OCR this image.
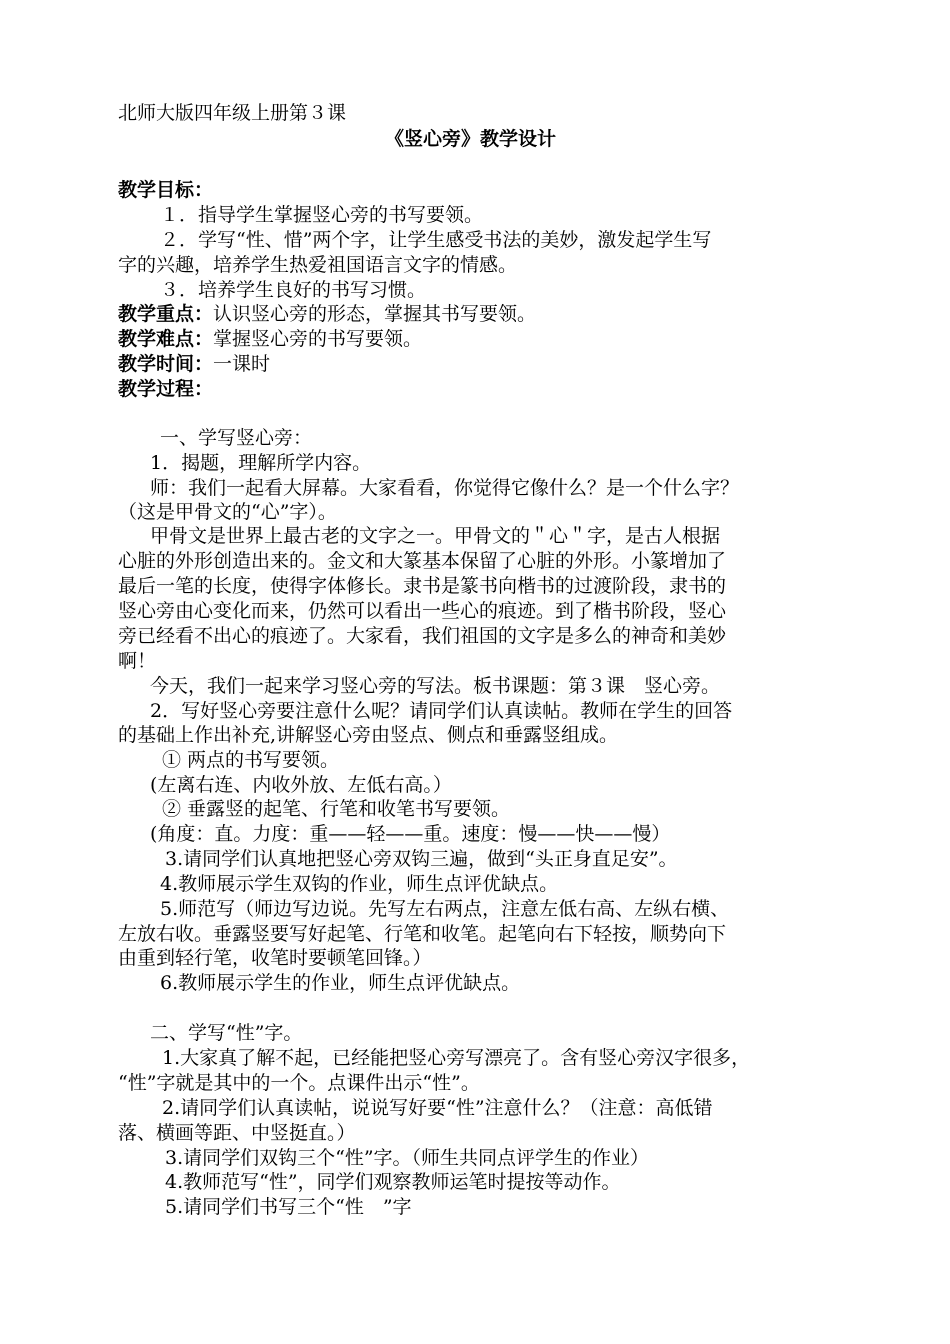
北师大版四年级上册第３课
《竖心旁》教学设计
教学目标：
１．指导学生掌握竖心旁的书写要领。
２．学写“性、惜”两个字，让学生感受书法的美妙，激发起学生写
字的兴趣，培养学生热爱祖国语言文字的情感。
３．培养学生良好的书写习惯。
教学重点：认识竖心旁的形态，掌握其书写要领。
教学难点：掌握竖心旁的书写要领。
教学时间：一课时
教学过程：
一、学写竖心旁：
1．揭题，理解所学内容。
师：我们一起看大屏幕。大家看看，你觉得它像什么？是一个什么字？
（这是甲骨文的“心”字）。
甲骨文是世界上最古老的文字之一。甲骨文的＂心＂字，是古人根据
心脏的外形创造出来的。金文和大篆基本保留了心脏的外形。小篆增加了
最后一笔的长度，使得字体修长。隶书是篆书向楷书的过渡阶段，隶书的
竖心旁由心变化而来，仍然可以看出一些心的痕迹。到了楷书阶段，竖心
旁已经看不出心的痕迹了。大家看，我们祖国的文字是多么的神奇和美妙
啊！
今天，我们一起来学习竖心旁的写法。板书课题：第３课　竖心旁。
2．写好竖心旁要注意什么呢？请同学们认真读帖。教师在学生的回答
的基础上作出补充,讲解竖心旁由竖点、侧点和垂露竖组成。
① 两点的书写要领。
(左离右连、内收外放、左低右高。）
② 垂露竖的起笔、行笔和收笔书写要领。
(角度：直。力度：重——轻——重。速度：慢——快——慢）
3.请同学们认真地把竖心旁双钩三遍，做到“头正身直足安”。
4.教师展示学生双钩的作业，师生点评优缺点。
5.师范写（师边写边说。先写左右两点，注意左低右高、左纵右横、
左放右收。垂露竖要写好起笔、行笔和收笔。起笔向右下轻按，顺势向下
由重到轻行笔，收笔时要顿笔回锋。）
6.教师展示学生的作业，师生点评优缺点。
二、学写“性”字。
1.大家真了解不起，已经能把竖心旁写漂亮了。含有竖心旁汉字很多，
“性”字就是其中的一个。点课件出示“性”。
2.请同学们认真读帖，说说写好要“性”注意什么？（注意：高低错
落、横画等距、中竖挺直。）
3.请同学们双钩三个“性”字。（师生共同点评学生的作业）
4.教师范写“性”，同学们观察教师运笔时提按等动作。
5.请同学们书写三个“性　”字
